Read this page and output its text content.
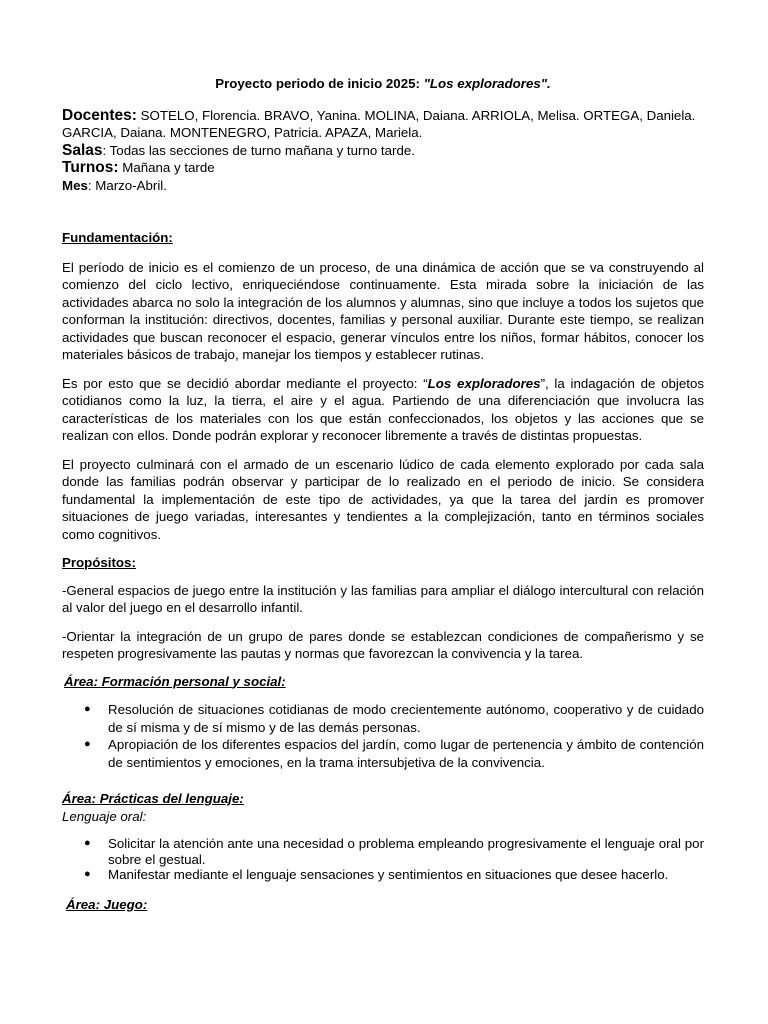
Proyecto periodo de inicio 2025: "Los exploradores".

Docentes: SOTELO, Florencia. BRAVO, Yanina. MOLINA, Daiana. ARRIOLA, Melisa. ORTEGA, Daniela. GARCIA, Daiana. MONTENEGRO, Patricia. APAZA, Mariela.

Salas: Todas las secciones de turno mañana y turno tarde.

Turnos: Mañana y tarde

Mes: Marzo-Abril.

Fundamentación:

El período de inicio es el comienzo de un proceso, de una dinámica de acción que se va construyendo al comienzo del ciclo lectivo, enriqueciéndose continuamente. Esta mirada sobre la iniciación de las actividades abarca no solo la integración de los alumnos y alumnas, sino que incluye a todos los sujetos que conforman la institución: directivos, docentes, familias y personal auxiliar. Durante este tiempo, se realizan actividades que buscan reconocer el espacio, generar vínculos entre los niños, formar hábitos, conocer los materiales básicos de trabajo, manejar los tiempos y establecer rutinas.

Es por esto que se decidió abordar mediante el proyecto: “Los exploradores”, la indagación de objetos cotidianos como la luz, la tierra, el aire y el agua. Partiendo de una diferenciación que involucra las características de los materiales con los que están confeccionados, los objetos y las acciones que se realizan con ellos. Donde podrán explorar y reconocer libremente a través de distintas propuestas.

El proyecto culminará con el armado de un escenario lúdico de cada elemento explorado por cada sala donde las familias podrán observar y participar de lo realizado en el periodo de inicio. Se considera fundamental la implementación de este tipo de actividades, ya que la tarea del jardín es promover situaciones de juego variadas, interesantes y tendientes a la complejización, tanto en términos sociales como cognitivos.

Propósitos:

-General espacios de juego entre la institución y las familias para ampliar el diálogo intercultural con relación al valor del juego en el desarrollo infantil.

-Orientar la integración de un grupo de pares donde se establezcan condiciones de compañerismo y se respeten progresivamente las pautas y normas que favorezcan la convivencia y la tarea.

Área: Formación personal y social:

● Resolución de situaciones cotidianas de modo crecientemente autónomo, cooperativo y de cuidado de sí misma y de sí mismo y de las demás personas.
● Apropiación de los diferentes espacios del jardín, como lugar de pertenencia y ámbito de contención de sentimientos y emociones, en la trama intersubjetiva de la convivencia.

Área: Prácticas del lenguaje:

Lenguaje oral:

● Solicitar la atención ante una necesidad o problema empleando progresivamente el lenguaje oral por sobre el gestual.
● Manifestar mediante el lenguaje sensaciones y sentimientos en situaciones que desee hacerlo.

Área: Juego:
